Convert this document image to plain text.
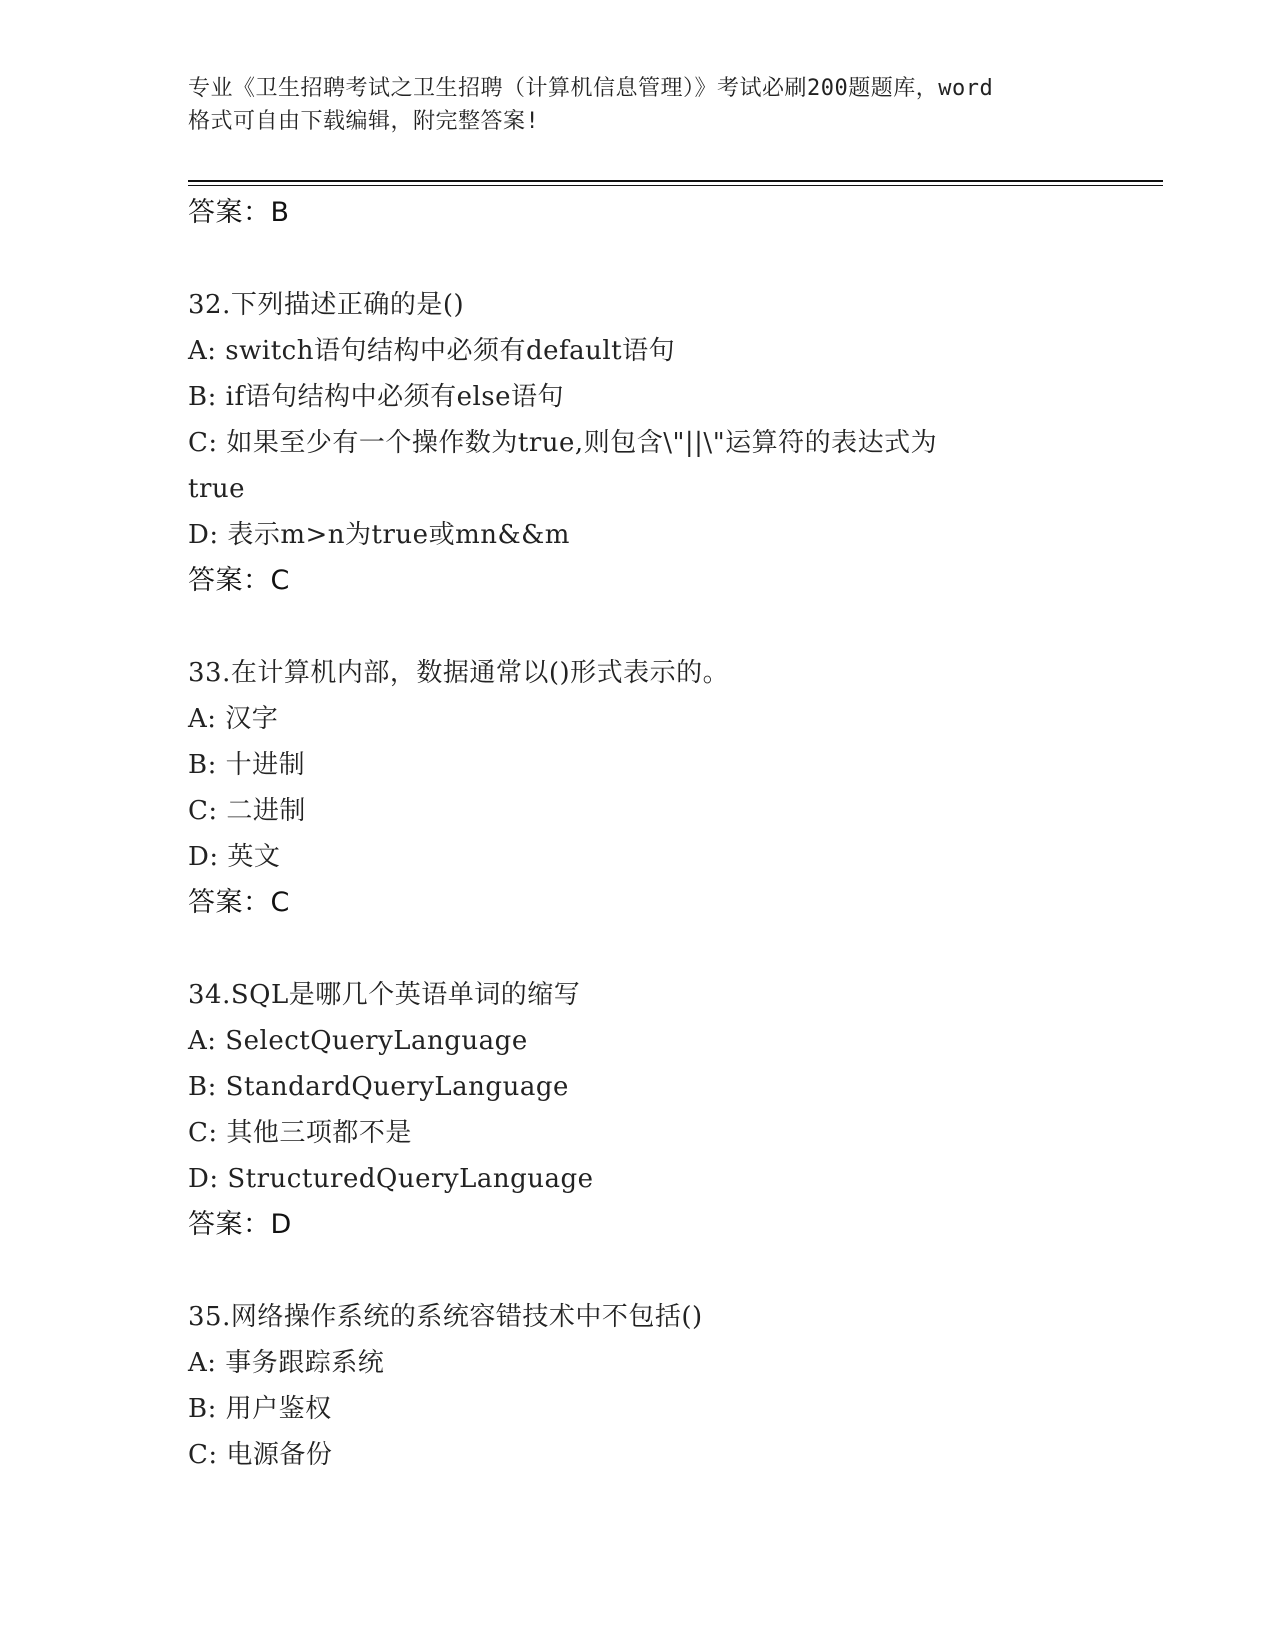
专业《卫生招聘考试之卫生招聘（计算机信息管理）》考试必刷200题题库，word
格式可自由下载编辑，附完整答案!
答案：B
32.下列描述正确的是()
A: switch语句结构中必须有default语句
B: if语句结构中必须有else语句
C: 如果至少有一个操作数为true,则包含\"||\"运算符的表达式为
true
D: 表示m>n为true或mn&&m
答案：C
33.在计算机内部，数据通常以()形式表示的。
A: 汉字
B: 十进制
C: 二进制
D: 英文
答案：C
34.SQL是哪几个英语单词的缩写
A: SelectQueryLanguage
B: StandardQueryLanguage
C: 其他三项都不是
D: StructuredQueryLanguage
答案：D
35.网络操作系统的系统容错技术中不包括()
A: 事务跟踪系统
B: 用户鉴权
C: 电源备份
